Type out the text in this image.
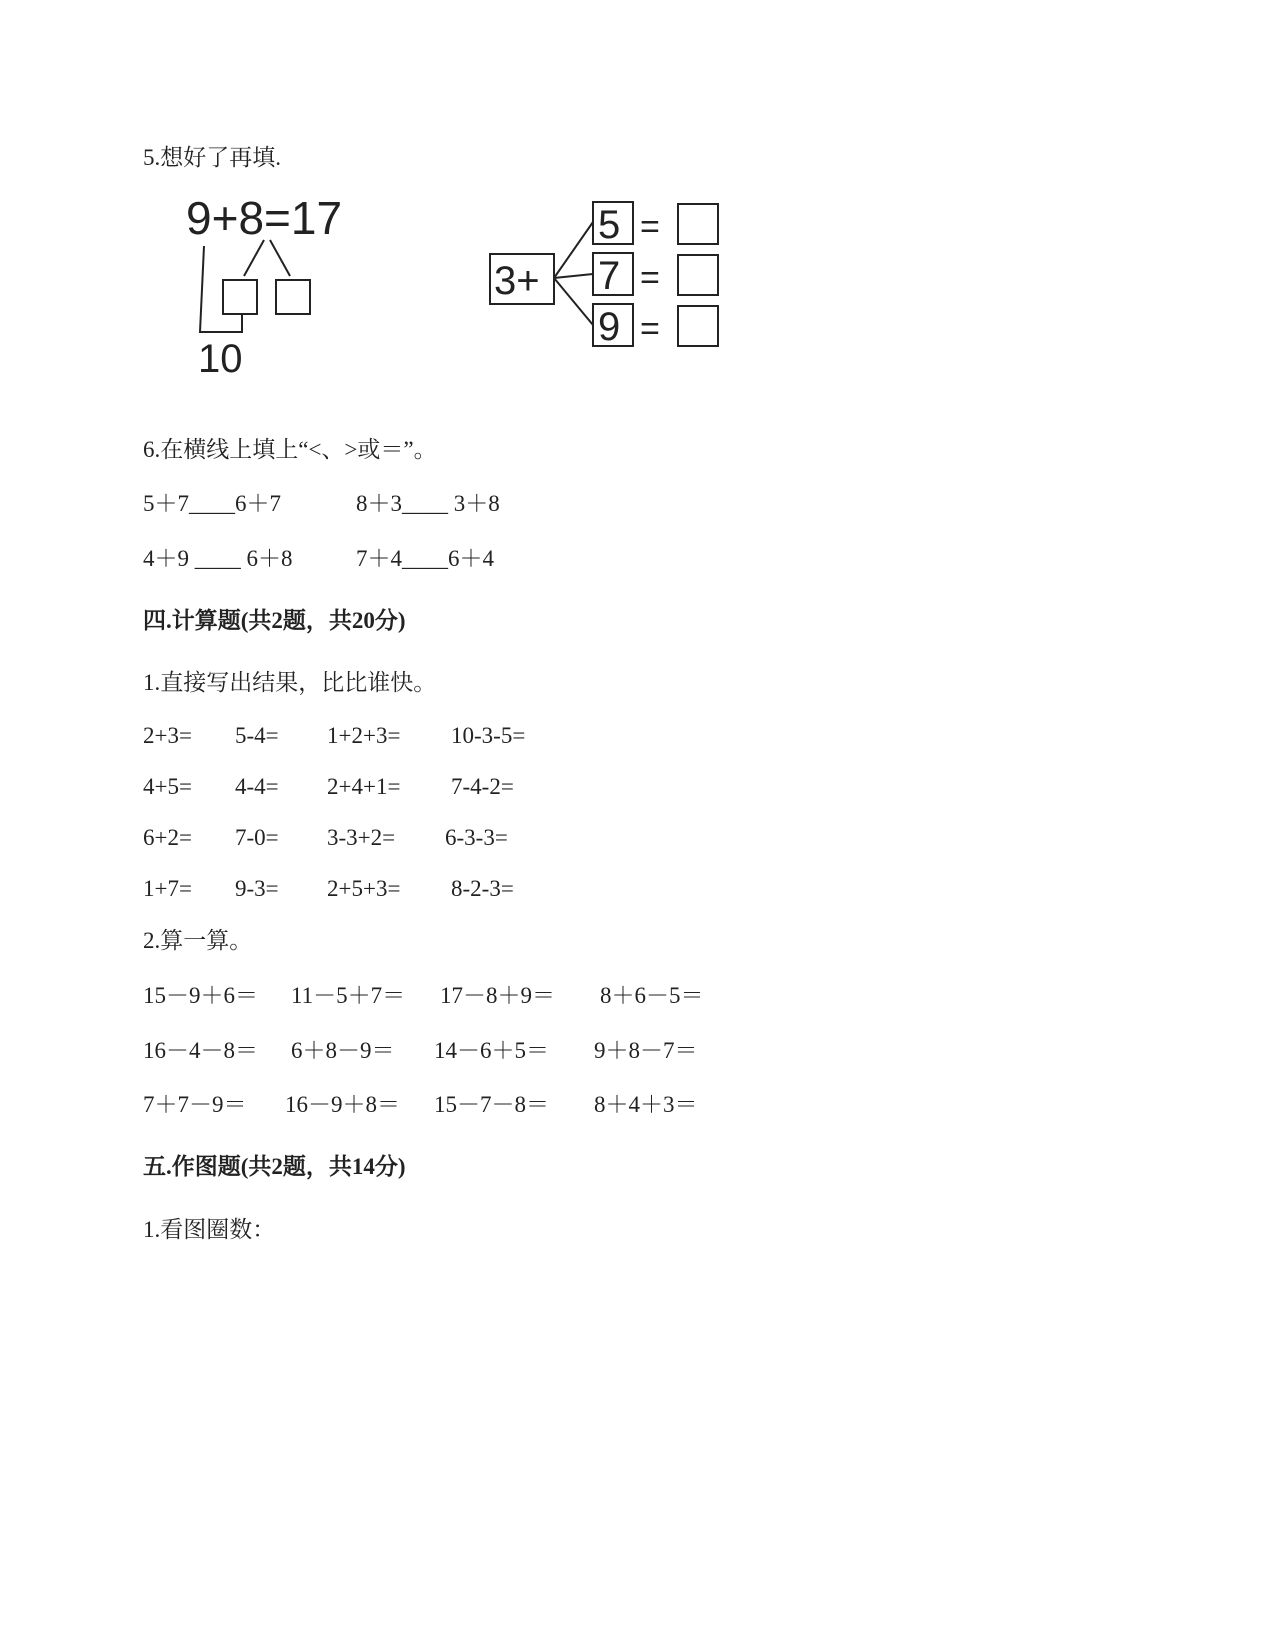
5.想好了再填.
9+8=17
10
3+
5 =
7 =
9 =
6.在横线上填上“<、>或＝”。
5＋7____6＋7	8＋3____ 3＋8
4＋9 ____ 6＋8	7＋4____6＋4
四.计算题(共2题，共20分)
1.直接写出结果，比比谁快。
2+3= 5-4= 1+2+3= 10-3-5=
4+5= 4-4= 2+4+1= 7-4-2=
6+2= 7-0= 3-3+2= 6-3-3=
1+7= 9-3= 2+5+3= 8-2-3=
2.算一算。
15－9＋6＝ 11－5＋7＝ 17－8＋9＝ 8＋6－5＝
16－4－8＝ 6＋8－9＝ 14－6＋5＝ 9＋8－7＝
7＋7－9＝ 16－9＋8＝ 15－7－8＝ 8＋4＋3＝
五.作图题(共2题，共14分)
1.看图圈数：
